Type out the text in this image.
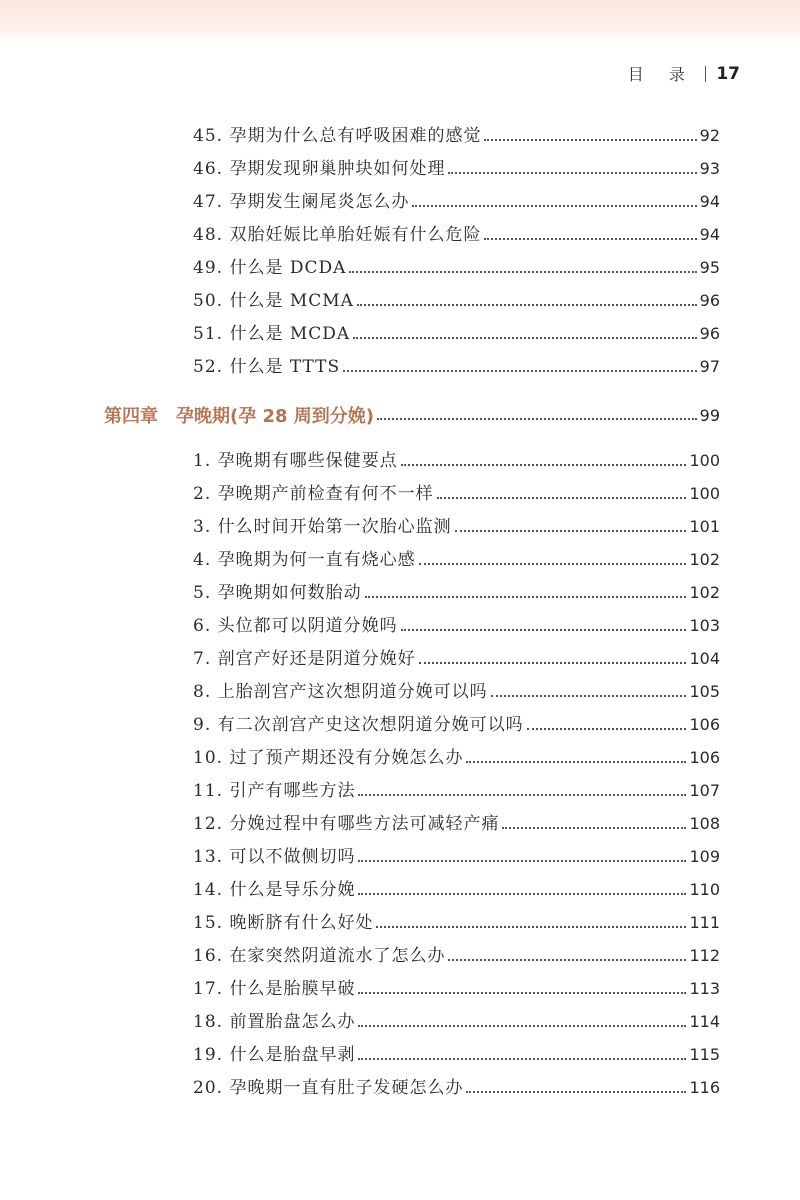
目 录 17
45. 孕期为什么总有呼吸困难的感觉	92
46. 孕期发现卵巢肿块如何处理	93
47. 孕期发生阑尾炎怎么办	94
48. 双胎妊娠比单胎妊娠有什么危险	94
49. 什么是 DCDA	95
50. 什么是 MCMA	96
51. 什么是 MCDA	96
52. 什么是 TTTS	97
第四章 孕晚期(孕 28 周到分娩)	99
1. 孕晚期有哪些保健要点	100
2. 孕晚期产前检查有何不一样	100
3. 什么时间开始第一次胎心监测	101
4. 孕晚期为何一直有烧心感	102
5. 孕晚期如何数胎动	102
6. 头位都可以阴道分娩吗	103
7. 剖宫产好还是阴道分娩好	104
8. 上胎剖宫产这次想阴道分娩可以吗	105
9. 有二次剖宫产史这次想阴道分娩可以吗	106
10. 过了预产期还没有分娩怎么办	106
11. 引产有哪些方法	107
12. 分娩过程中有哪些方法可减轻产痛	108
13. 可以不做侧切吗	109
14. 什么是导乐分娩	110
15. 晚断脐有什么好处	111
16. 在家突然阴道流水了怎么办	112
17. 什么是胎膜早破	113
18. 前置胎盘怎么办	114
19. 什么是胎盘早剥	115
20. 孕晚期一直有肚子发硬怎么办	116
